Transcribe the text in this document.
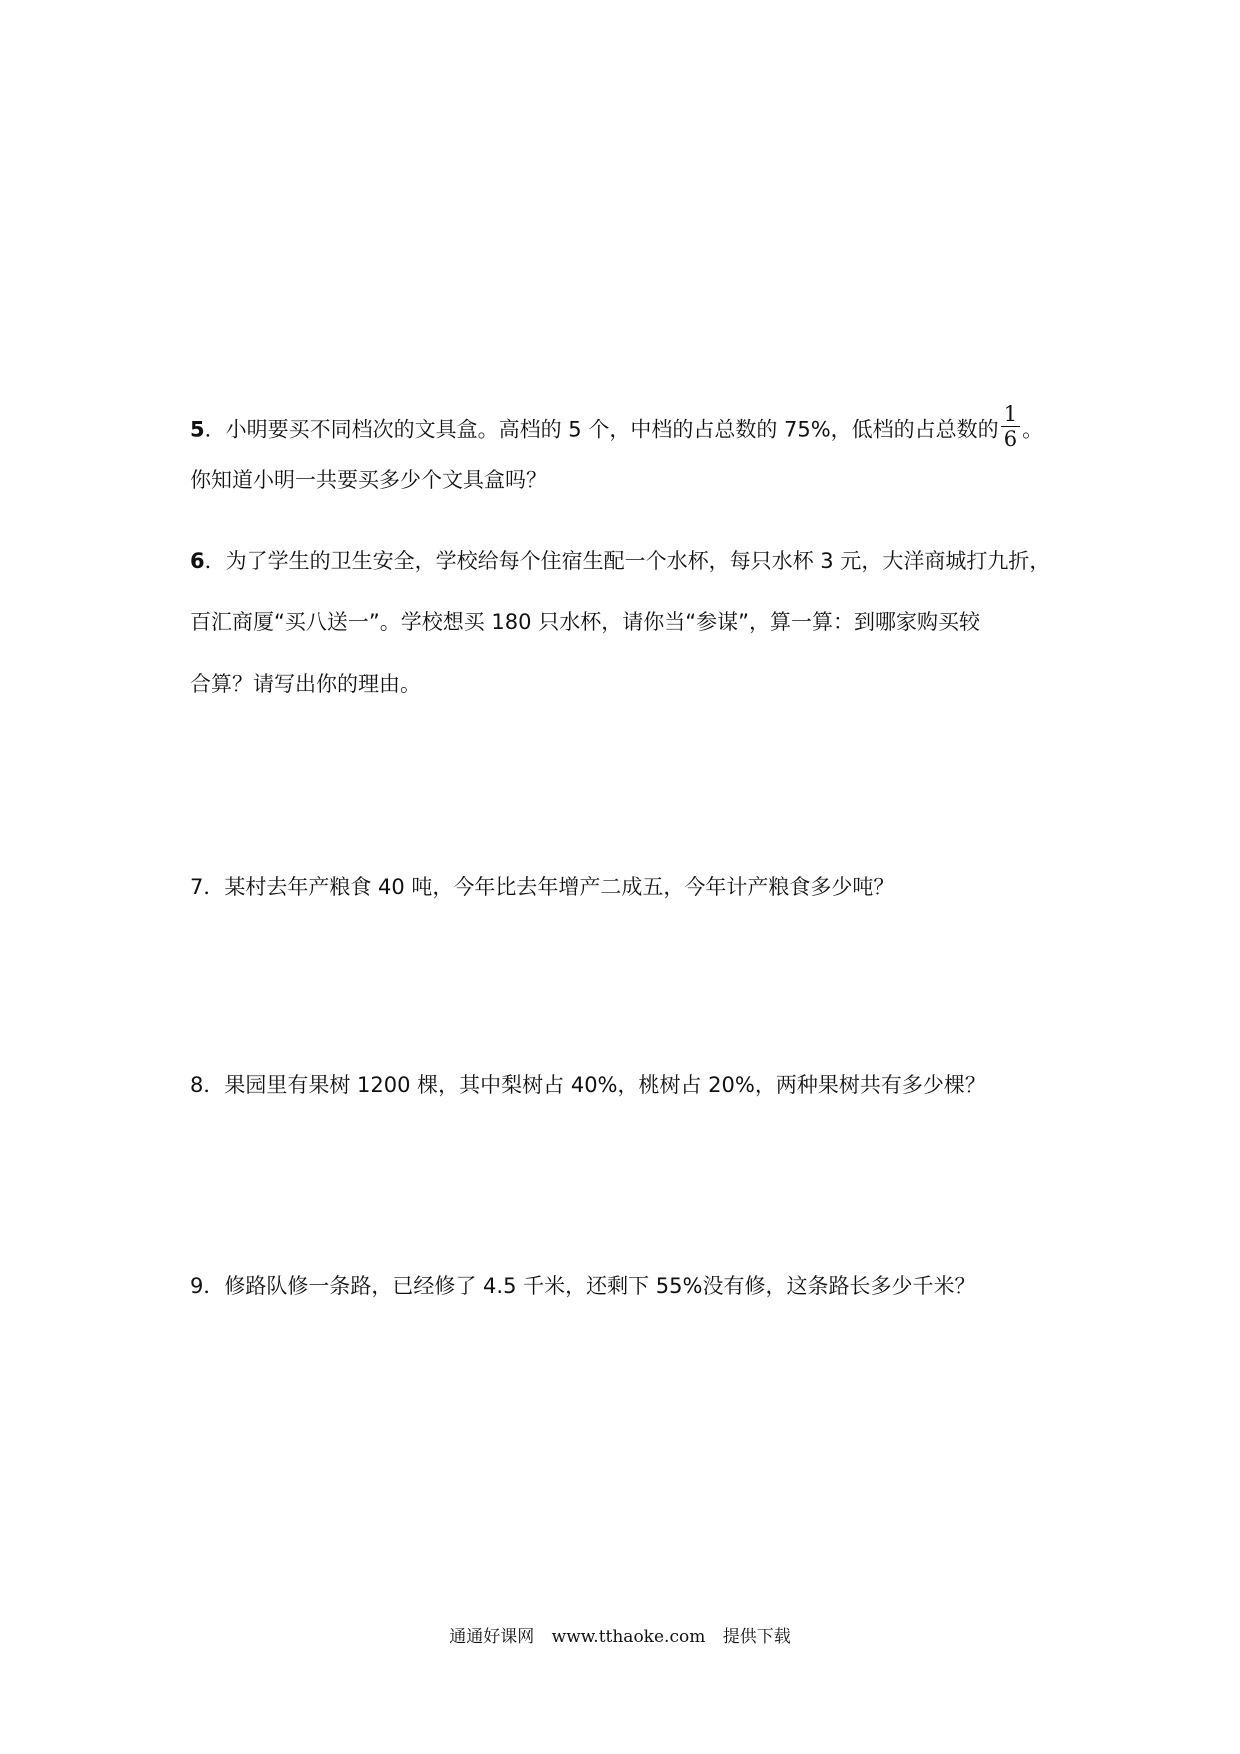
5．小明要买不同档次的文具盒。高档的 5 个，中档的占总数的 75%，低档的占总数的 $\frac{1}{6}$ 。
你知道小明一共要买多少个文具盒吗？
6．为了学生的卫生安全，学校给每个住宿生配一个水杯，每只水杯 3 元，大洋商城打九折，
百汇商厦“买八送一”。学校想买 180 只水杯，请你当“参谋”，算一算：到哪家购买较
合算？请写出你的理由。
7．某村去年产粮食 40 吨，今年比去年增产二成五，今年计产粮食多少吨？
8．果园里有果树 1200 棵，其中梨树占 40%，桃树占 20%，两种果树共有多少棵？
9．修路队修一条路，已经修了 4.5 千米，还剩下 55%没有修，这条路长多少千米？
通通好课网 www.tthaoke.com 提供下载
